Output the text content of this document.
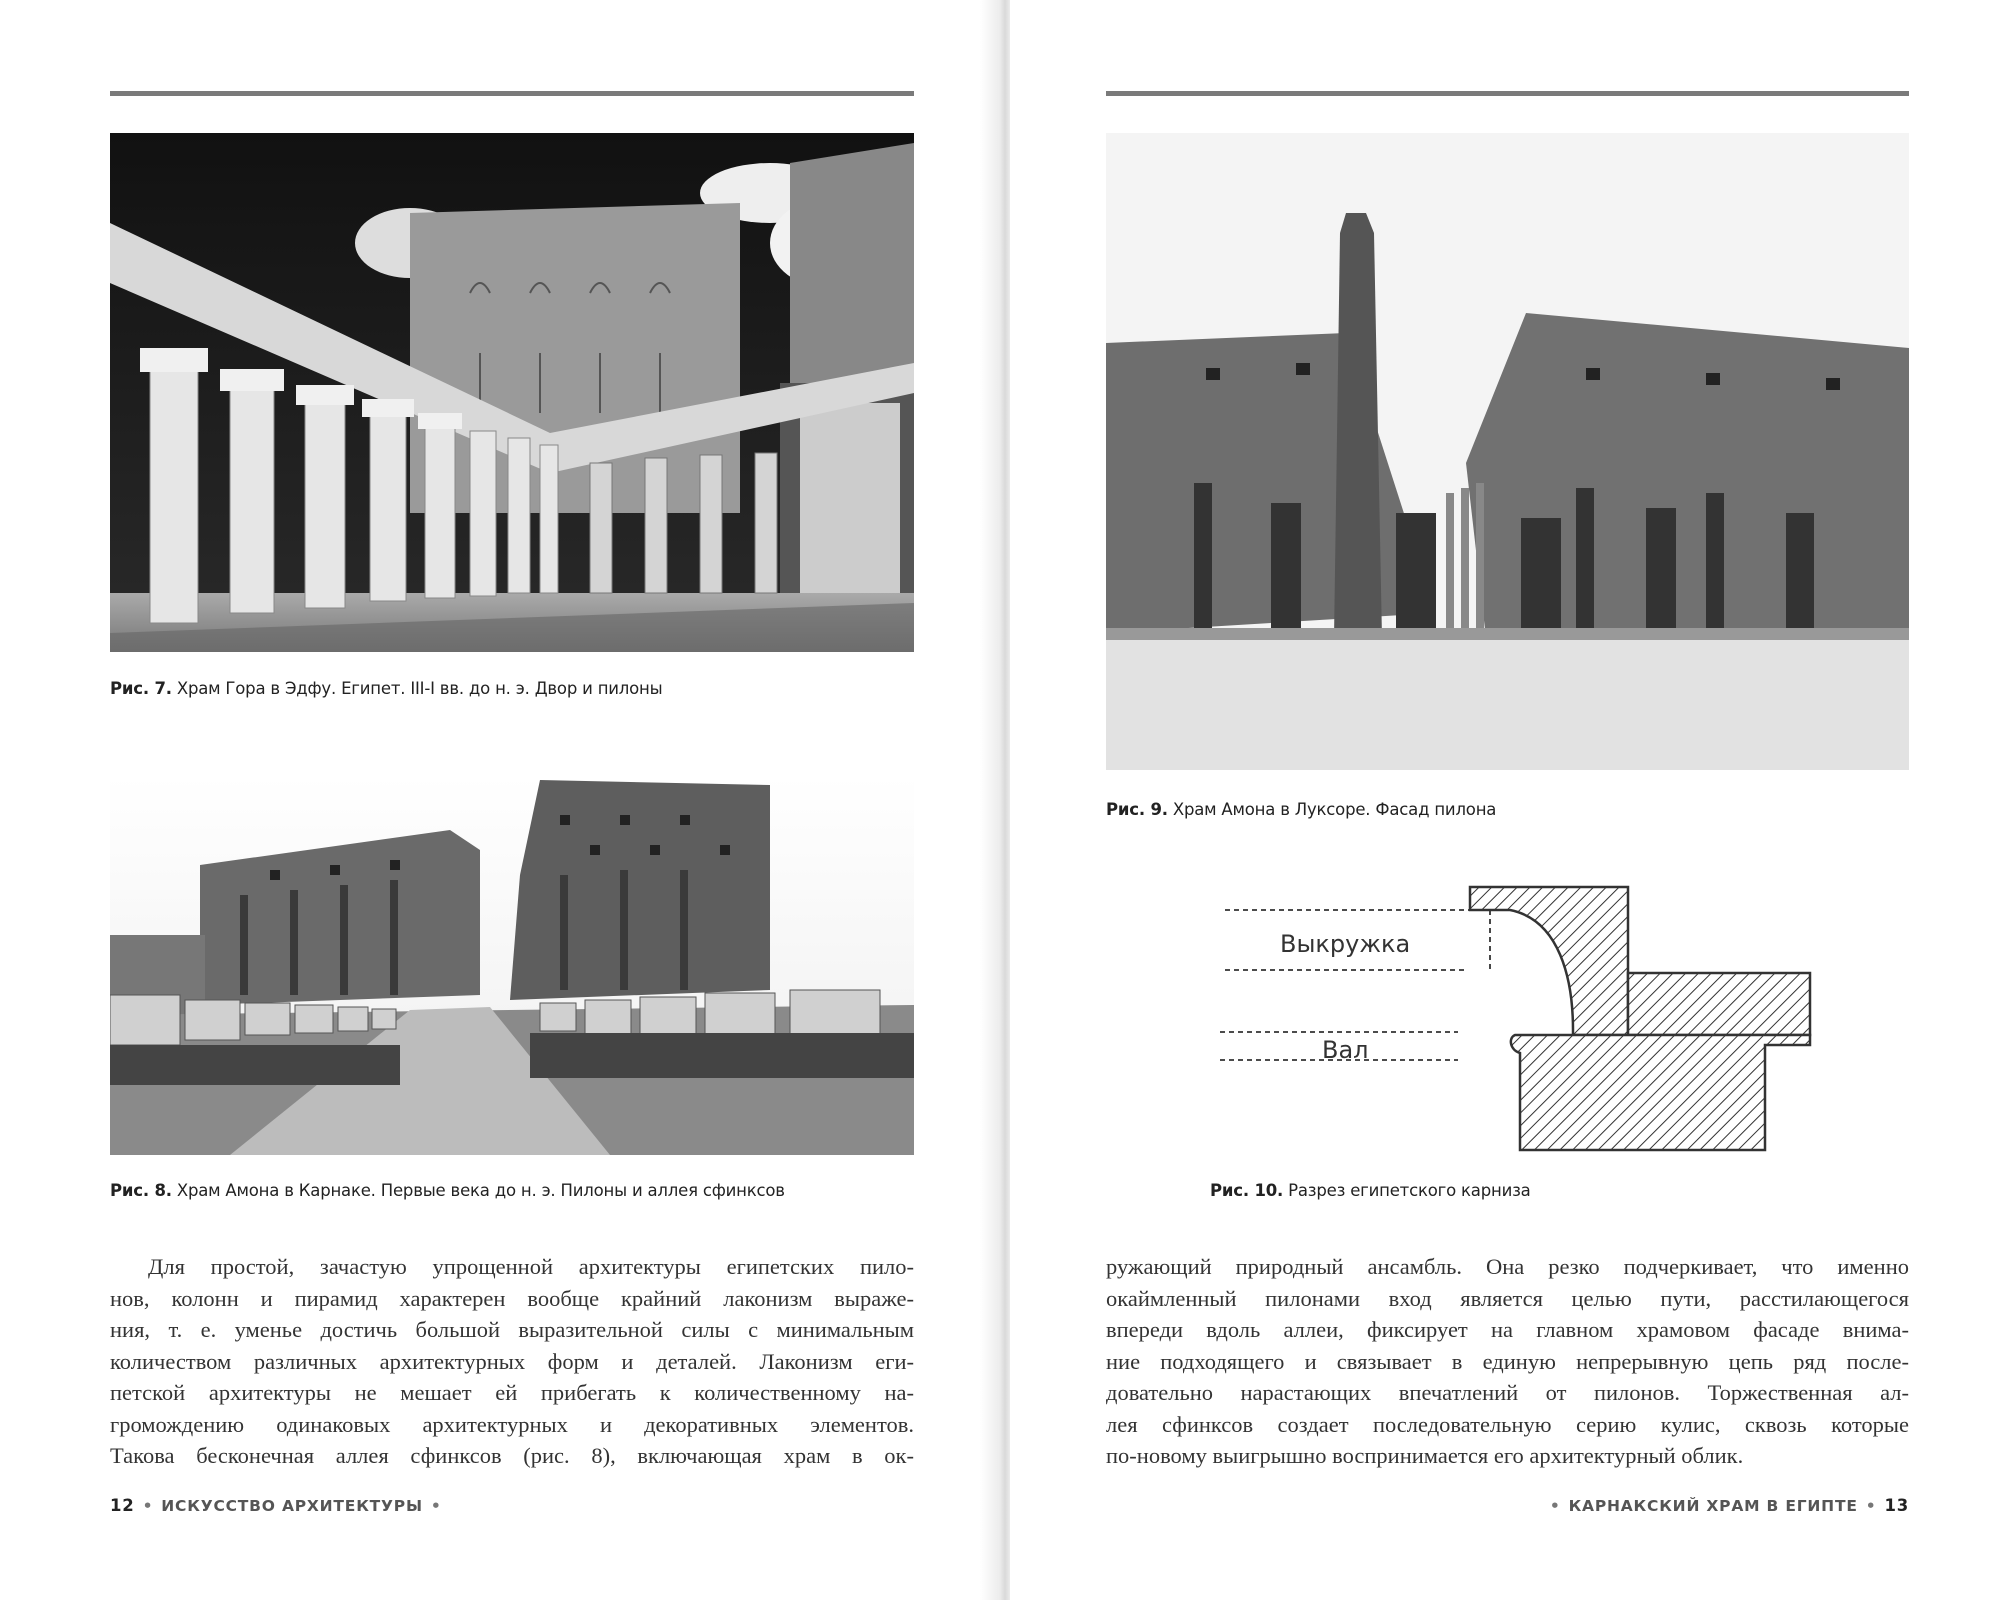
Рис. 7. Храм Гора в Эдфу. Египет. III-I вв. до н. э. Двор и пилоны
Рис. 8. Храм Амона в Карнаке. Первые века до н. э. Пилоны и аллея сфинксов
Для простой, зачастую упрощенной архитектуры египетских пило-
нов, колонн и пирамид характерен вообще крайний лаконизм выраже-
ния, т. е. уменье достичь большой выразительной силы с минимальным
количеством различных архитектурных форм и деталей. Лаконизм еги-
петской архитектуры не мешает ей прибегать к количественному на-
громождению одинаковых архитектурных и декоративных элементов.
Такова бесконечная аллея сфинксов (рис. 8), включающая храм в ок-
12 • ИСКУССТВО АРХИТЕКТУРЫ •
Рис. 9. Храм Амона в Луксоре. Фасад пилона
Выкружка
Вал
Рис. 10. Разрез египетского карниза
ружающий природный ансамбль. Она резко подчеркивает, что именно
окаймленный пилонами вход является целью пути, расстилающегося
впереди вдоль аллеи, фиксирует на главном храмовом фасаде внима-
ние подходящего и связывает в единую непрерывную цепь ряд после-
довательно нарастающих впечатлений от пилонов. Торжественная ал-
лея сфинксов создает последовательную серию кулис, сквозь которые
по-новому выигрышно воспринимается его архитектурный облик.
• КАРНАКСКИЙ ХРАМ В ЕГИПТЕ • 13
